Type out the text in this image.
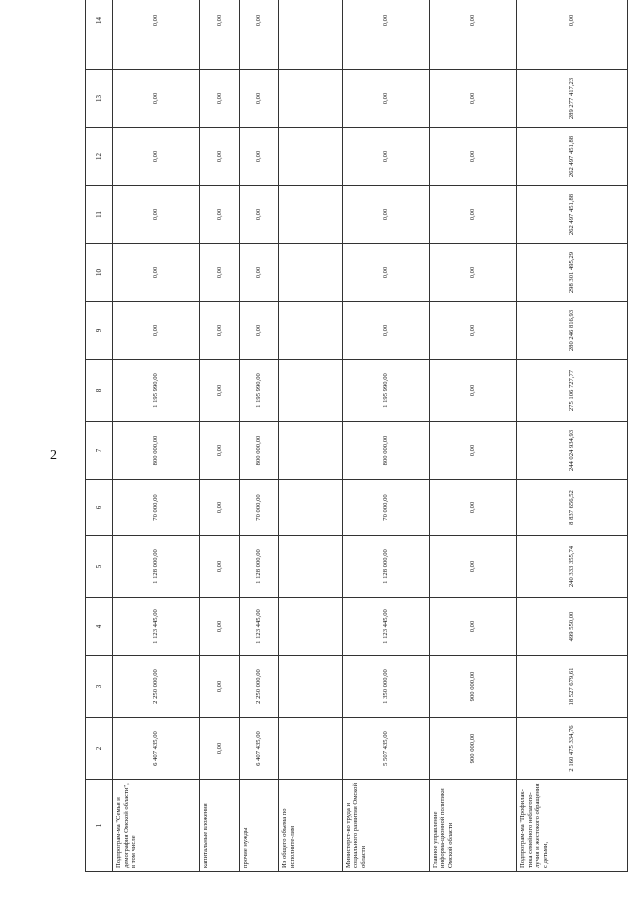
2
1	2	3	4	5	6	7	8	9	10	11	12	13	14
Подпрограм-ма "Семья и демография Омской области", в том числе	6 407 435,00	2 250 000,00	1 123 445,00	1 128 000,00	70 000,00	800 000,00	1 195 990,00	0,00	0,00	0,00	0,00	0,00	0,00
капитальные вложения	0,00	0,00	0,00	0,00	0,00	0,00	0,00	0,00	0,00	0,00	0,00	0,00	0,00
прочие нужды	6 407 435,00	2 250 000,00	1 123 445,00	1 128 000,00	70 000,00	800 000,00	1 195 990,00	0,00	0,00	0,00	0,00	0,00	0,00
Из общего объема по исполните-лям													
Министерст-во труда и социального развития Омской области	5 507 435,00	1 350 000,00	1 123 445,00	1 128 000,00	70 000,00	800 000,00	1 195 990,00	0,00	0,00	0,00	0,00	0,00	0,00
Главное управление информа-ционной политики Омской области	900 000,00	900 000,00	0,00	0,00	0,00	0,00	0,00	0,00	0,00	0,00	0,00	0,00	0,00
Подпрограм-ма "Профилак-тика семейного неблагопо-лучия и жестокого обращения с детьми,	2 160 475 334,76	18 527 679,61	499 550,00	240 333 355,74	8 837 656,52	244 024 934,93	275 106 727,77	280 246 816,93	298 301 495,29	262 497 451,88	262 497 451,88	289 277 417,23	0,00
